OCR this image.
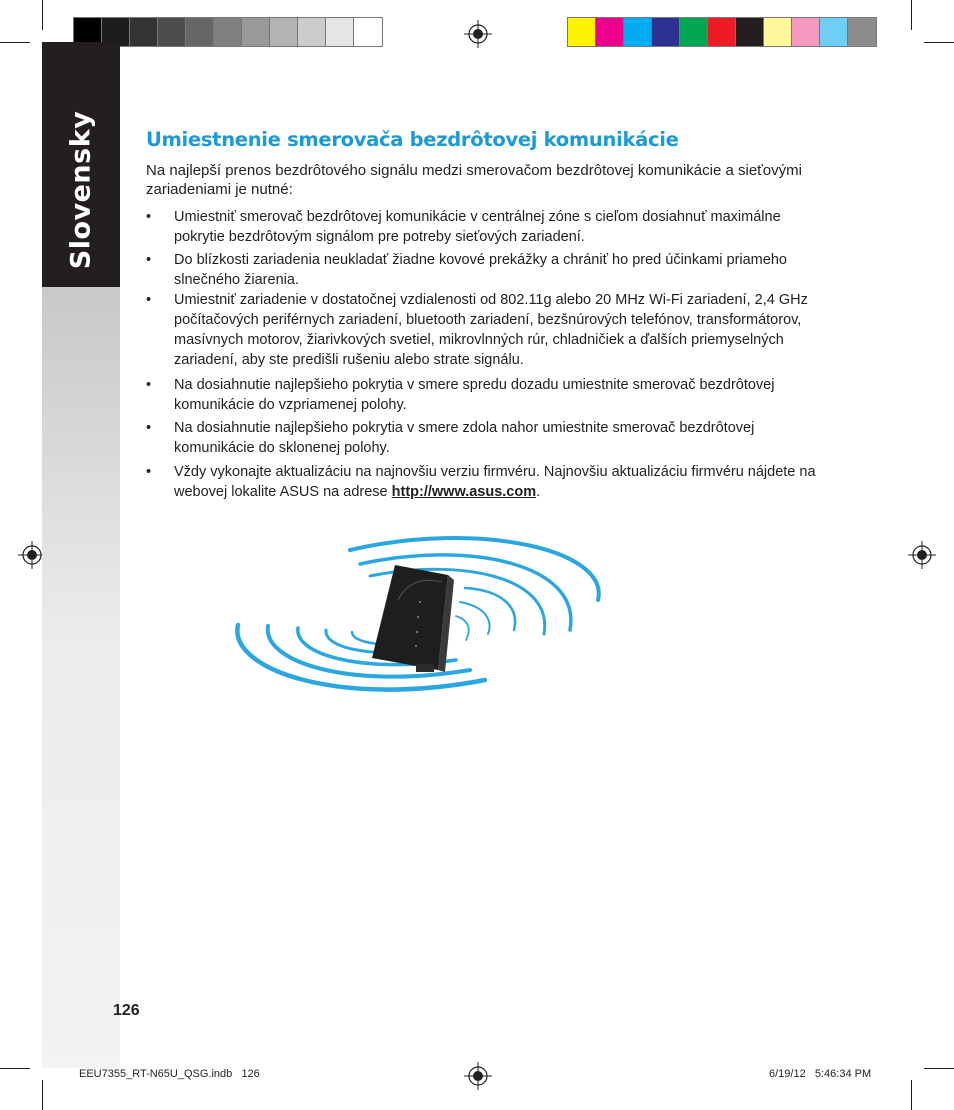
Slovensky	Umiestnenie smerovača bezdrôtovej komunikácie

Na najlepší prenos bezdrôtového signálu medzi smerovačom bezdrôtovej komunikácie a sieťovými zariadeniami je nutné:

• Umiestniť smerovač bezdrôtovej komunikácie v centrálnej zóne s cieľom dosiahnuť maximálne pokrytie bezdrôtovým signálom pre potreby sieťových zariadení.
• Do blízkosti zariadenia neukladať žiadne kovové prekážky a chrániť ho pred účinkami priameho slnečného žiarenia.
• Umiestniť zariadenie v dostatočnej vzdialenosti od 802.11g alebo 20 MHz Wi-Fi zariadení, 2,4 GHz počítačových periférnych zariadení, bluetooth zariadení, bezšnúrových telefónov, transformátorov, masívnych motorov, žiarivkových svetiel, mikrovlnných rúr, chladničiek a ďalších priemyselných zariadení, aby ste predišli rušeniu alebo strate signálu.
• Na dosiahnutie najlepšieho pokrytia v smere spredu dozadu umiestnite smerovač bezdrôtovej komunikácie do vzpriamenej polohy.
• Na dosiahnutie najlepšieho pokrytia v smere zdola nahor umiestnite smerovač bezdrôtovej komunikácie do sklonenej polohy.
• Vždy vykonajte aktualizáciu na najnovšiu verziu firmvéru. Najnovšiu aktualizáciu firmvéru nájdete na webovej lokalite ASUS na adrese http://www.asus.com.
126
EEU7355_RT-N65U_QSG.indb   126	6/19/12   5:46:34 PM
